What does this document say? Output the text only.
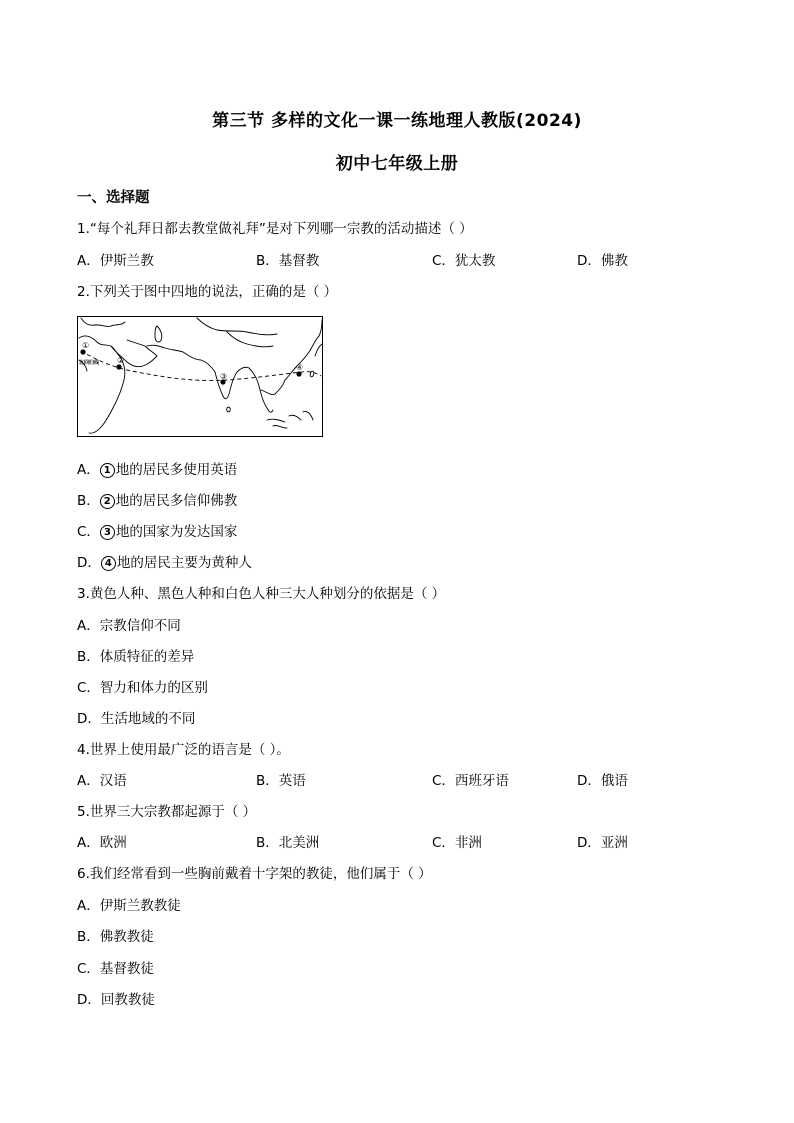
第三节 多样的文化一课一练地理人教版(2024)
初中七年级上册
一、选择题
1.“每个礼拜日都去教堂做礼拜”是对下列哪一宗教的活动描述（ ）
A．伊斯兰教	B．基督教	C．犹太教	D．佛教
2.下列关于图中四地的说法，正确的是（ ）
①
②
③
④
北回归线
A． 1 地的居民多使用英语
B． 2 地的居民多信仰佛教
C． 3 地的国家为发达国家
D． 4 地的居民主要为黄种人
3.黄色人种、黑色人种和白色人种三大人种划分的依据是（ ）
A．宗教信仰不同
B．体质特征的差异
C．智力和体力的区别
D．生活地域的不同
4.世界上使用最广泛的语言是（ ）。
A．汉语	B．英语	C．西班牙语	D．俄语
5.世界三大宗教都起源于（ ）
A．欧洲	B．北美洲	C．非洲	D．亚洲
6.我们经常看到一些胸前戴着十字架的教徒，他们属于（ ）
A．伊斯兰教教徒
B．佛教教徒
C．基督教徒
D．回教教徒
